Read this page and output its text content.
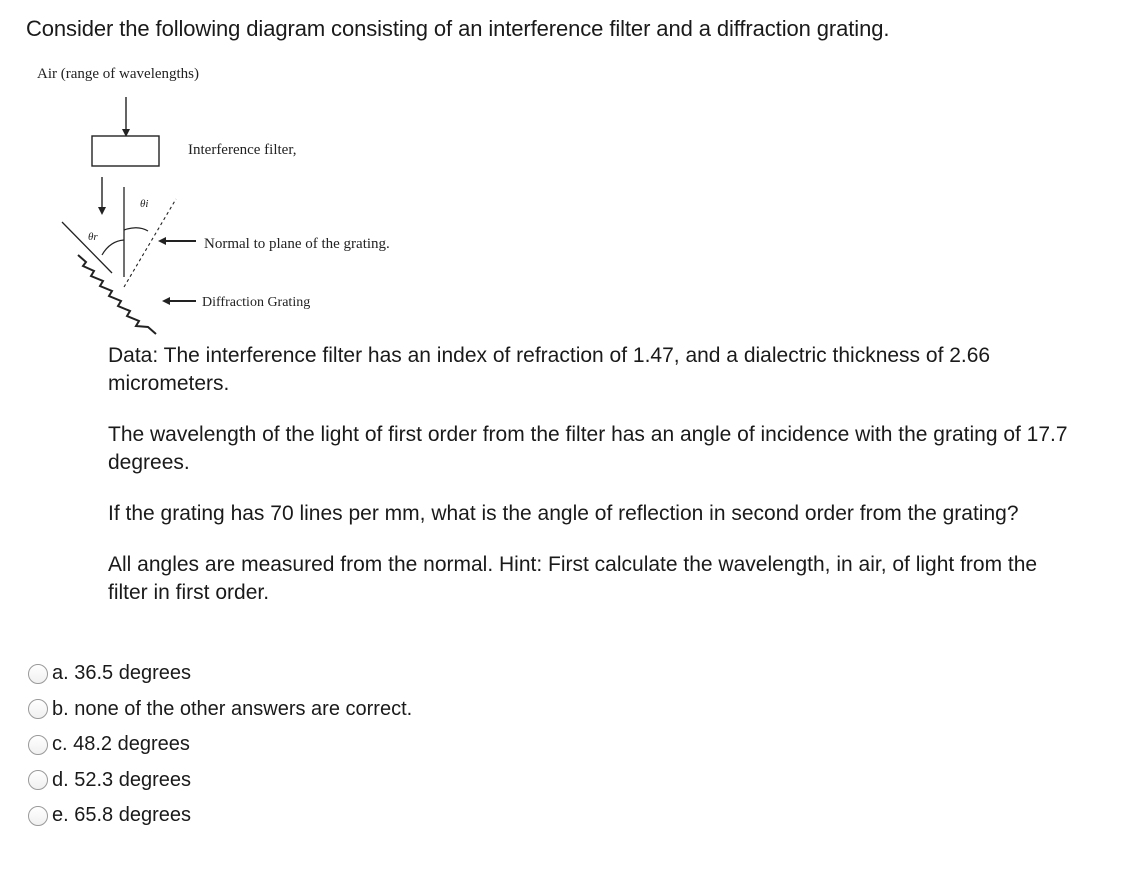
Consider the following diagram consisting of an interference filter and a diffraction grating.
Air (range of wavelengths)
Interference filter,
θi
θr	Normal to plane of the grating.
Diffraction Grating

Data: The interference filter has an index of refraction of 1.47, and a dialectric thickness of 2.66 micrometers.

The wavelength of the light of first order from the filter has an angle of incidence with the grating of 17.7 degrees.

If the grating has 70 lines per mm, what is the angle of reflection in second order from the grating?

All angles are measured from the normal. Hint: First calculate the wavelength, in air, of light from the filter in first order.

a. 36.5 degrees
b. none of the other answers are correct.
c. 48.2 degrees
d. 52.3 degrees
e. 65.8 degrees
